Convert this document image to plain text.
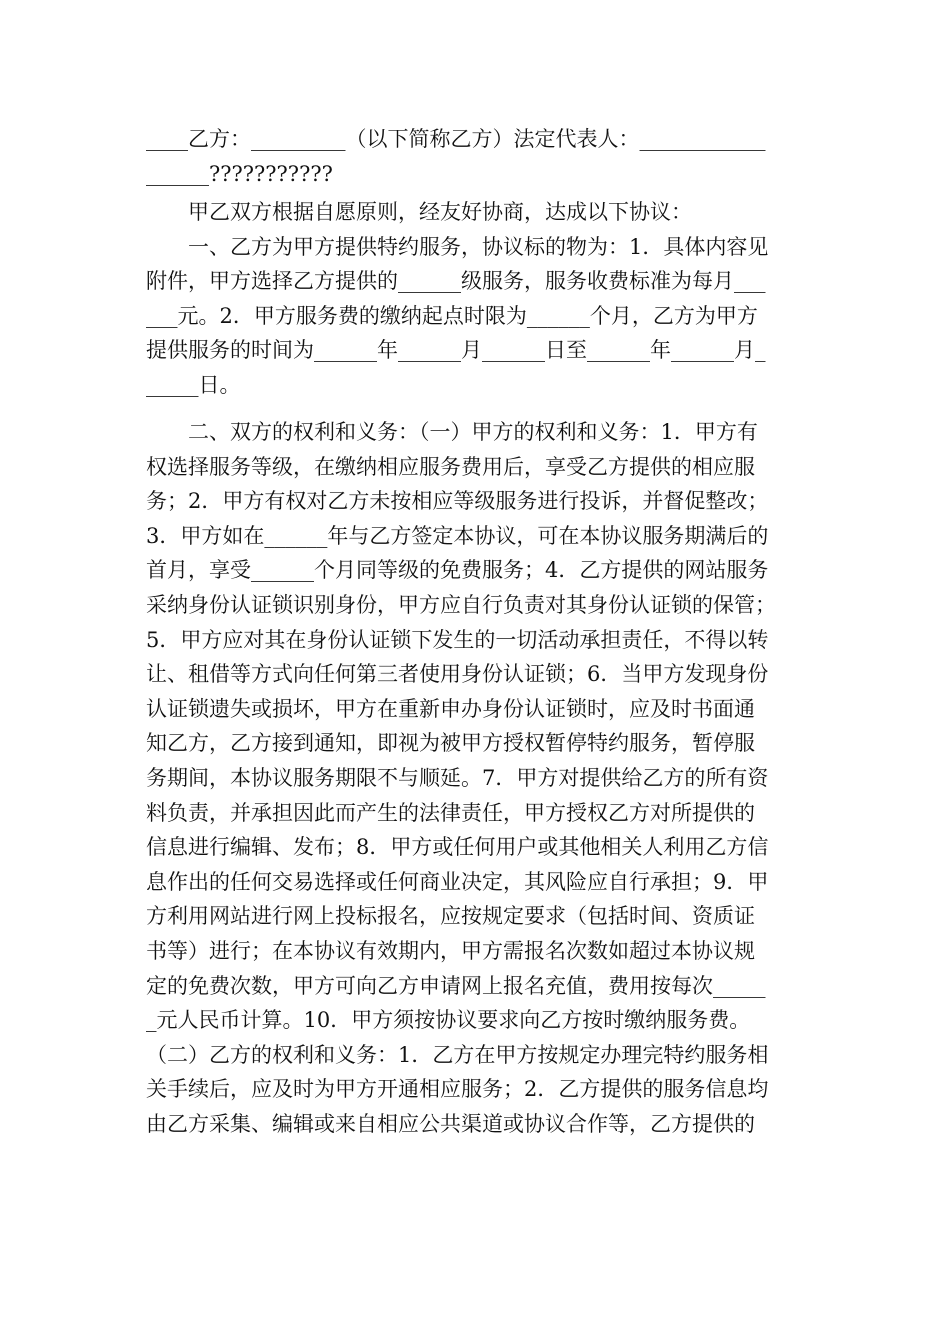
____乙方：_________（以下简称乙方）法定代表人：____________
______???????????
　　甲乙双方根据自愿原则，经友好协商，达成以下协议：
　　一、乙方为甲方提供特约服务，协议标的物为：1．具体内容见
附件，甲方选择乙方提供的______级服务，服务收费标准为每月___
___元。2．甲方服务费的缴纳起点时限为______个月，乙方为甲方
提供服务的时间为______年______月______日至______年______月_
_____日。
　　二、双方的权利和义务：（一）甲方的权利和义务：1．甲方有
权选择服务等级，在缴纳相应服务费用后，享受乙方提供的相应服
务；2．甲方有权对乙方未按相应等级服务进行投诉，并督促整改；
3．甲方如在______年与乙方签定本协议，可在本协议服务期满后的
首月，享受______个月同等级的免费服务；4．乙方提供的网站服务
采纳身份认证锁识别身份，甲方应自行负责对其身份认证锁的保管；
5．甲方应对其在身份认证锁下发生的一切活动承担责任，不得以转
让、租借等方式向任何第三者使用身份认证锁；6．当甲方发现身份
认证锁遗失或损坏，甲方在重新申办身份认证锁时，应及时书面通
知乙方，乙方接到通知，即视为被甲方授权暂停特约服务，暂停服
务期间，本协议服务期限不与顺延。7．甲方对提供给乙方的所有资
料负责，并承担因此而产生的法律责任，甲方授权乙方对所提供的
信息进行编辑、发布；8．甲方或任何用户或其他相关人利用乙方信
息作出的任何交易选择或任何商业决定，其风险应自行承担；9．甲
方利用网站进行网上投标报名，应按规定要求（包括时间、资质证
书等）进行；在本协议有效期内，甲方需报名次数如超过本协议规
定的免费次数，甲方可向乙方申请网上报名充值，费用按每次_____
_元人民币计算。10．甲方须按协议要求向乙方按时缴纳服务费。
（二）乙方的权利和义务：1．乙方在甲方按规定办理完特约服务相
关手续后，应及时为甲方开通相应服务；2．乙方提供的服务信息均
由乙方采集、编辑或来自相应公共渠道或协议合作等，乙方提供的
